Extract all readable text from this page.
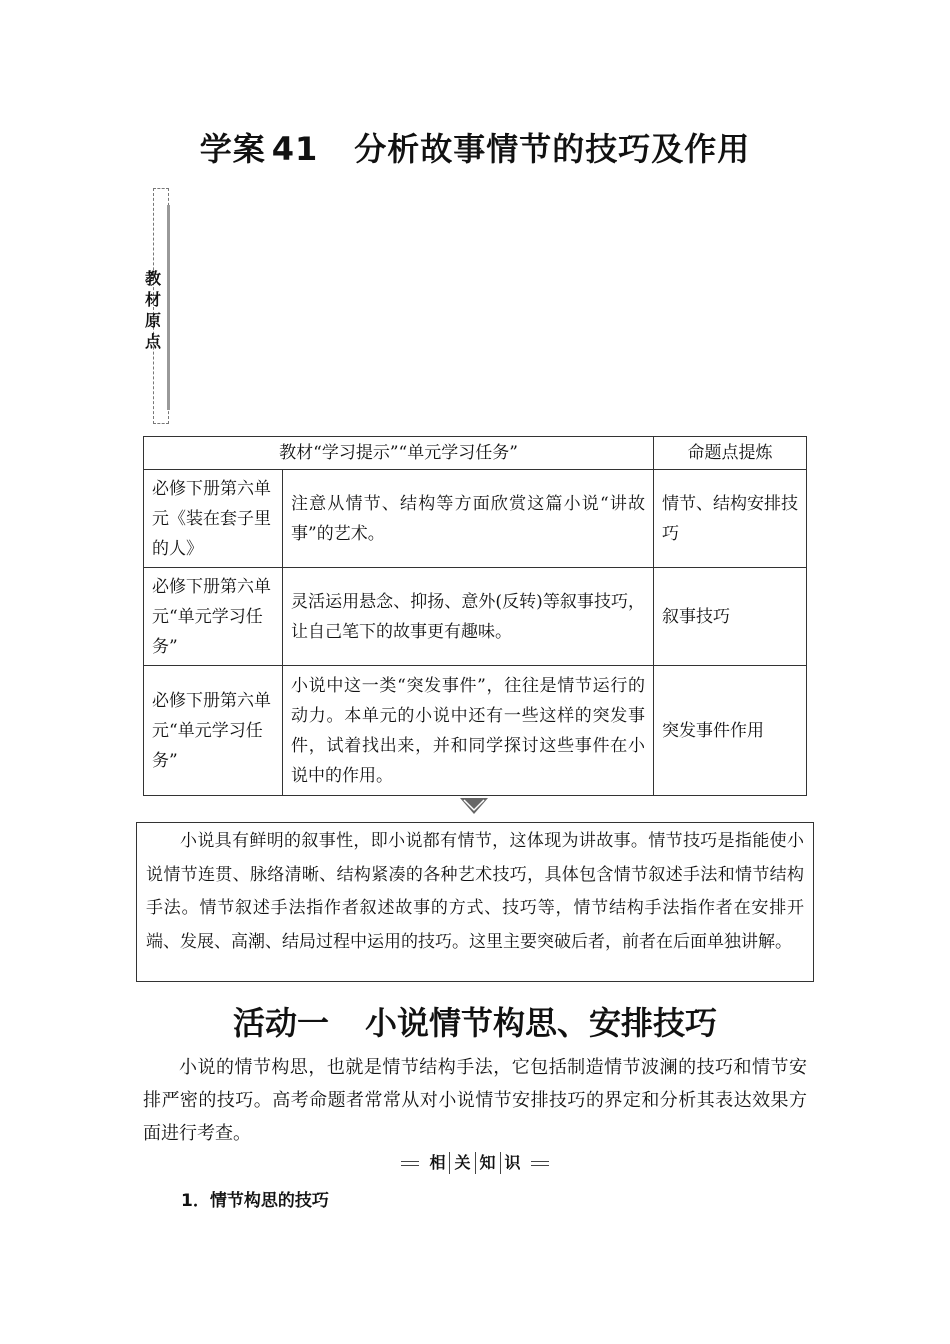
学案 41 分析故事情节的技巧及作用
教
材
原
点
教材“学习提示”“单元学习任务”		命题点提炼
必修下册第六单元《装在套子里的人》	注意从情节、结构等方面欣赏这篇小说“讲故事”的艺术。	情节、结构安排技巧
必修下册第六单元“单元学习任务”	灵活运用悬念、抑扬、意外(反转)等叙事技巧，让自己笔下的故事更有趣味。	叙事技巧
必修下册第六单元“单元学习任务”	小说中这一类“突发事件”，往往是情节运行的动力。本单元的小说中还有一些这样的突发事件，试着找出来，并和同学探讨这些事件在小说中的作用。	突发事件作用

小说具有鲜明的叙事性，即小说都有情节，这体现为讲故事。情节技巧是指能使小说情节连贯、脉络清晰、结构紧凑的各种艺术技巧，具体包含情节叙述手法和情节结构手法。情节叙述手法指作者叙述故事的方式、技巧等，情节结构手法指作者在安排开端、发展、高潮、结局过程中运用的技巧。这里主要突破后者，前者在后面单独讲解。

活动一 小说情节构思、安排技巧

小说的情节构思，也就是情节结构手法，它包括制造情节波澜的技巧和情节安排严密的技巧。高考命题者常常从对小说情节安排技巧的界定和分析其表达效果方面进行考查。

相 关 知 识
1．情节构思的技巧
